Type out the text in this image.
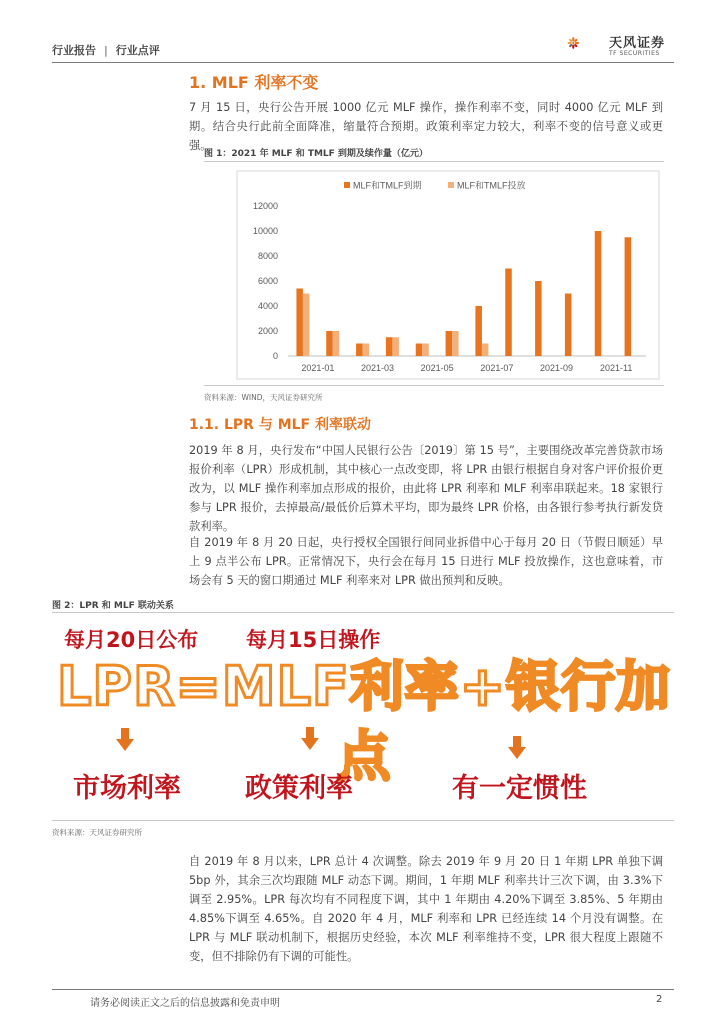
行业报告 | 行业点评	天风证券
TF SECURITIES
1. MLF 利率不变

7 月 15 日，央行公告开展 1000 亿元 MLF 操作，操作利率不变，同时 4000 亿元 MLF 到期。结合央行此前全面降准，缩量符合预期。政策利率定力较大，利率不变的信号意义或更强。

图 1：2021 年 MLF 和 TMLF 到期及续作量（亿元）
0
2000
4000
6000
8000
10000
12000
2021-01	2021-03	2021-05	2021-07	2021-09	2021-11
MLF和TMLF到期	MLF和TMLF投放
资料来源：WIND，天风证券研究所
1.1. LPR 与 MLF 利率联动

2019 年 8 月，央行发布“中国人民银行公告〔2019〕第 15 号”，主要围绕改革完善贷款市场报价利率（LPR）形成机制，其中核心一点改变即，将 LPR 由银行根据自身对客户评价报价更改为，以 MLF 操作利率加点形成的报价，由此将 LPR 利率和 MLF 利率串联起来。18 家银行参与 LPR 报价，去掉最高/最低价后算术平均，即为最终 LPR 价格，由各银行参考执行新发贷款利率。

自 2019 年 8 月 20 日起，央行授权全国银行间同业拆借中心于每月 20 日（节假日顺延）早上 9 点半公布 LPR。正常情况下，央行会在每月 15 日进行 MLF 投放操作，这也意味着，市场会有 5 天的窗口期通过 MLF 利率来对 LPR 做出预判和反映。

图 2：LPR 和 MLF 联动关系
每月20日公布 每月15日操作
LPR=MLF利率+银行加点
市场利率 政策利率	有一定惯性
资料来源：天风证券研究所

自 2019 年 8 月以来，LPR 总计 4 次调整。除去 2019 年 9 月 20 日 1 年期 LPR 单独下调 5bp 外，其余三次均跟随 MLF 动态下调。期间，1 年期 MLF 利率共计三次下调，由 3.3%下调至 2.95%。LPR 每次均有不同程度下调，其中 1 年期由 4.20%下调至 3.85%、5 年期由 4.85%下调至 4.65%。自 2020 年 4 月，MLF 利率和 LPR 已经连续 14 个月没有调整。在 LPR 与 MLF 联动机制下，根据历史经验，本次 MLF 利率维持不变，LPR 很大程度上跟随不变，但不排除仍有下调的可能性。

请务必阅读正文之后的信息披露和免责申明	2
